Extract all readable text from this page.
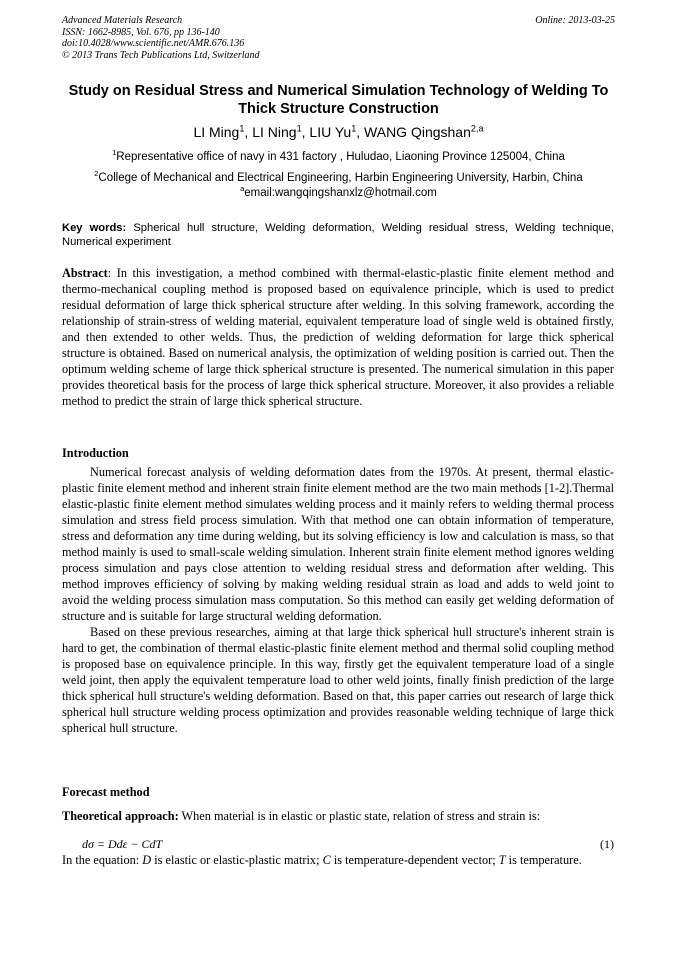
Advanced Materials Research
ISSN: 1662-8985, Vol. 676, pp 136-140
doi:10.4028/www.scientific.net/AMR.676.136
© 2013 Trans Tech Publications Ltd, Switzerland
Online: 2013-03-25
Study on Residual Stress and Numerical Simulation Technology of Welding To Thick Structure Construction
LI Ming$^1$, LI Ning$^1$, LIU Yu$^1$, WANG Qingshan$^{2,a}$
$^1$Representative office of navy in 431 factory , Huludao, Liaoning Province 125004, China
$^2$College of Mechanical and Electrical Engineering, Harbin Engineering University, Harbin, China
$^a$email:wangqingshanxlz@hotmail.com
Key words: Spherical hull structure, Welding deformation, Welding residual stress, Welding technique, Numerical experiment

Abstract: In this investigation, a method combined with thermal-elastic-plastic finite element method and thermo-mechanical coupling method is proposed based on equivalence principle, which is used to predict residual deformation of large thick spherical structure after welding. In this solving framework, according the relationship of strain-stress of welding material, equivalent temperature load of single weld is obtained firstly, and then extended to other welds. Thus, the prediction of welding deformation for large thick spherical structure is obtained. Based on numerical analysis, the optimization of welding position is carried out. Then the optimum welding scheme of large thick spherical structure is presented. The numerical simulation in this paper provides theoretical basis for the process of large thick spherical structure. Moreover, it also provides a reliable method to predict the strain of large thick spherical structure.

Introduction

Numerical forecast analysis of welding deformation dates from the 1970s. At present, thermal elastic-plastic finite element method and inherent strain finite element method are the two main methods [1-2].Thermal elastic-plastic finite element method simulates welding process and it mainly refers to welding thermal process simulation and stress field process simulation. With that method one can obtain information of temperature, stress and deformation any time during welding, but its solving efficiency is low and calculation is mass, so that method mainly is used to small-scale welding simulation. Inherent strain finite element method ignores welding process simulation and pays close attention to welding residual stress and deformation after welding. This method improves efficiency of solving by making welding residual strain as load and adds to weld joint to avoid the welding process simulation mass computation. So this method can easily get welding deformation of structure and is suitable for large structural welding deformation.

Based on these previous researches, aiming at that large thick spherical hull structure's inherent strain is hard to get, the combination of thermal elastic-plastic finite element method and thermal solid coupling method is proposed base on equivalence principle. In this way, firstly get the equivalent temperature load of a single weld joint, then apply the equivalent temperature load to other weld joints, finally finish prediction of the large thick spherical hull structure's welding deformation. Based on that, this paper carries out research of large thick spherical hull structure welding process optimization and provides reasonable welding technique of large thick spherical hull structure.

Forecast method

Theoretical approach: When material is in elastic or plastic state, relation of stress and strain is:

dσ = Ddε − CdT	(1)

In the equation: D is elastic or elastic-plastic matrix; C is temperature-dependent vector; T is temperature.
